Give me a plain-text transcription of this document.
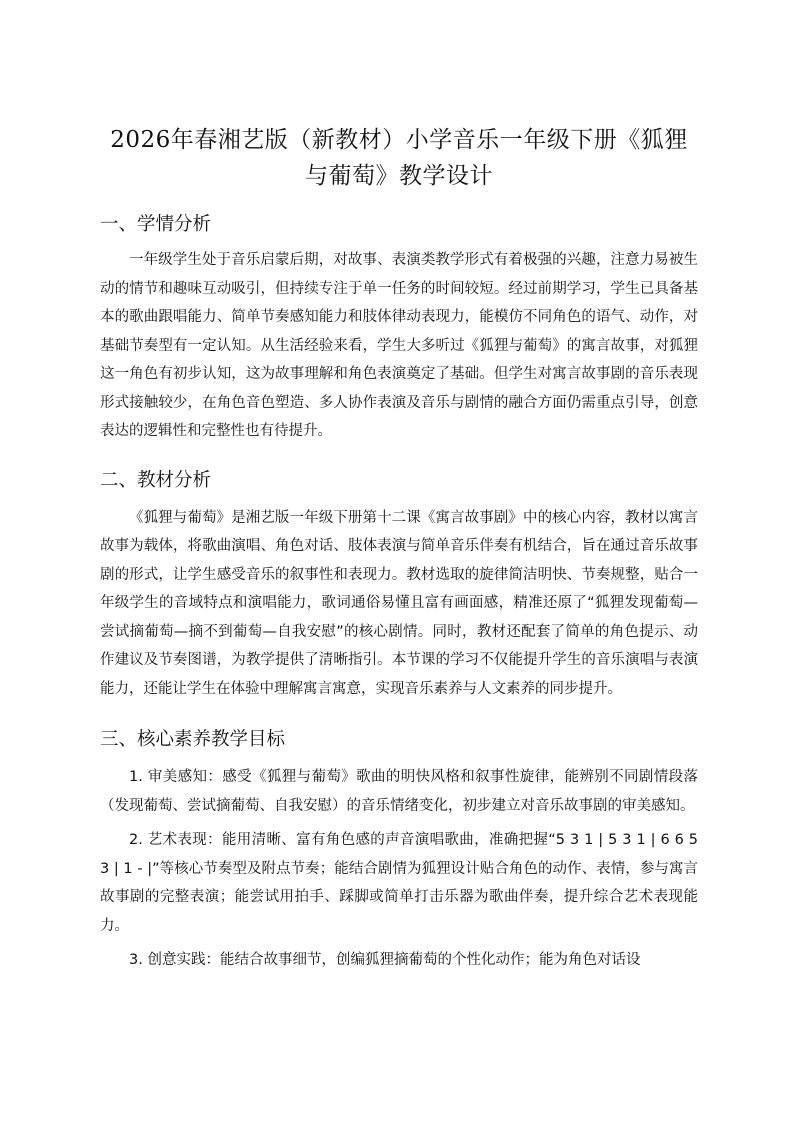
2026年春湘艺版（新教材）小学音乐一年级下册《狐狸与葡萄》教学设计
一、学情分析

一年级学生处于音乐启蒙后期，对故事、表演类教学形式有着极强的兴趣，注意力易被生动的情节和趣味互动吸引，但持续专注于单一任务的时间较短。经过前期学习，学生已具备基本的歌曲跟唱能力、简单节奏感知能力和肢体律动表现力，能模仿不同角色的语气、动作，对基础节奏型有一定认知。从生活经验来看，学生大多听过《狐狸与葡萄》的寓言故事，对狐狸这一角色有初步认知，这为故事理解和角色表演奠定了基础。但学生对寓言故事剧的音乐表现形式接触较少，在角色音色塑造、多人协作表演及音乐与剧情的融合方面仍需重点引导，创意表达的逻辑性和完整性也有待提升。

二、教材分析

《狐狸与葡萄》是湘艺版一年级下册第十二课《寓言故事剧》中的核心内容，教材以寓言故事为载体，将歌曲演唱、角色对话、肢体表演与简单音乐伴奏有机结合，旨在通过音乐故事剧的形式，让学生感受音乐的叙事性和表现力。教材选取的旋律简洁明快、节奏规整，贴合一年级学生的音域特点和演唱能力，歌词通俗易懂且富有画面感，精准还原了“狐狸发现葡萄—尝试摘葡萄—摘不到葡萄—自我安慰”的核心剧情。同时，教材还配套了简单的角色提示、动作建议及节奏图谱，为教学提供了清晰指引。本节课的学习不仅能提升学生的音乐演唱与表演能力，还能让学生在体验中理解寓言寓意，实现音乐素养与人文素养的同步提升。

三、核心素养教学目标

1. 审美感知：感受《狐狸与葡萄》歌曲的明快风格和叙事性旋律，能辨别不同剧情段落（发现葡萄、尝试摘葡萄、自我安慰）的音乐情绪变化，初步建立对音乐故事剧的审美感知。

2. 艺术表现：能用清晰、富有角色感的声音演唱歌曲，准确把握“5 3 1 | 5 3 1 | 6 6 5 3 | 1 - |”等核心节奏型及附点节奏；能结合剧情为狐狸设计贴合角色的动作、表情，参与寓言故事剧的完整表演；能尝试用拍手、踩脚或简单打击乐器为歌曲伴奏，提升综合艺术表现能力。

3. 创意实践：能结合故事细节，创编狐狸摘葡萄的个性化动作；能为角色对话设
